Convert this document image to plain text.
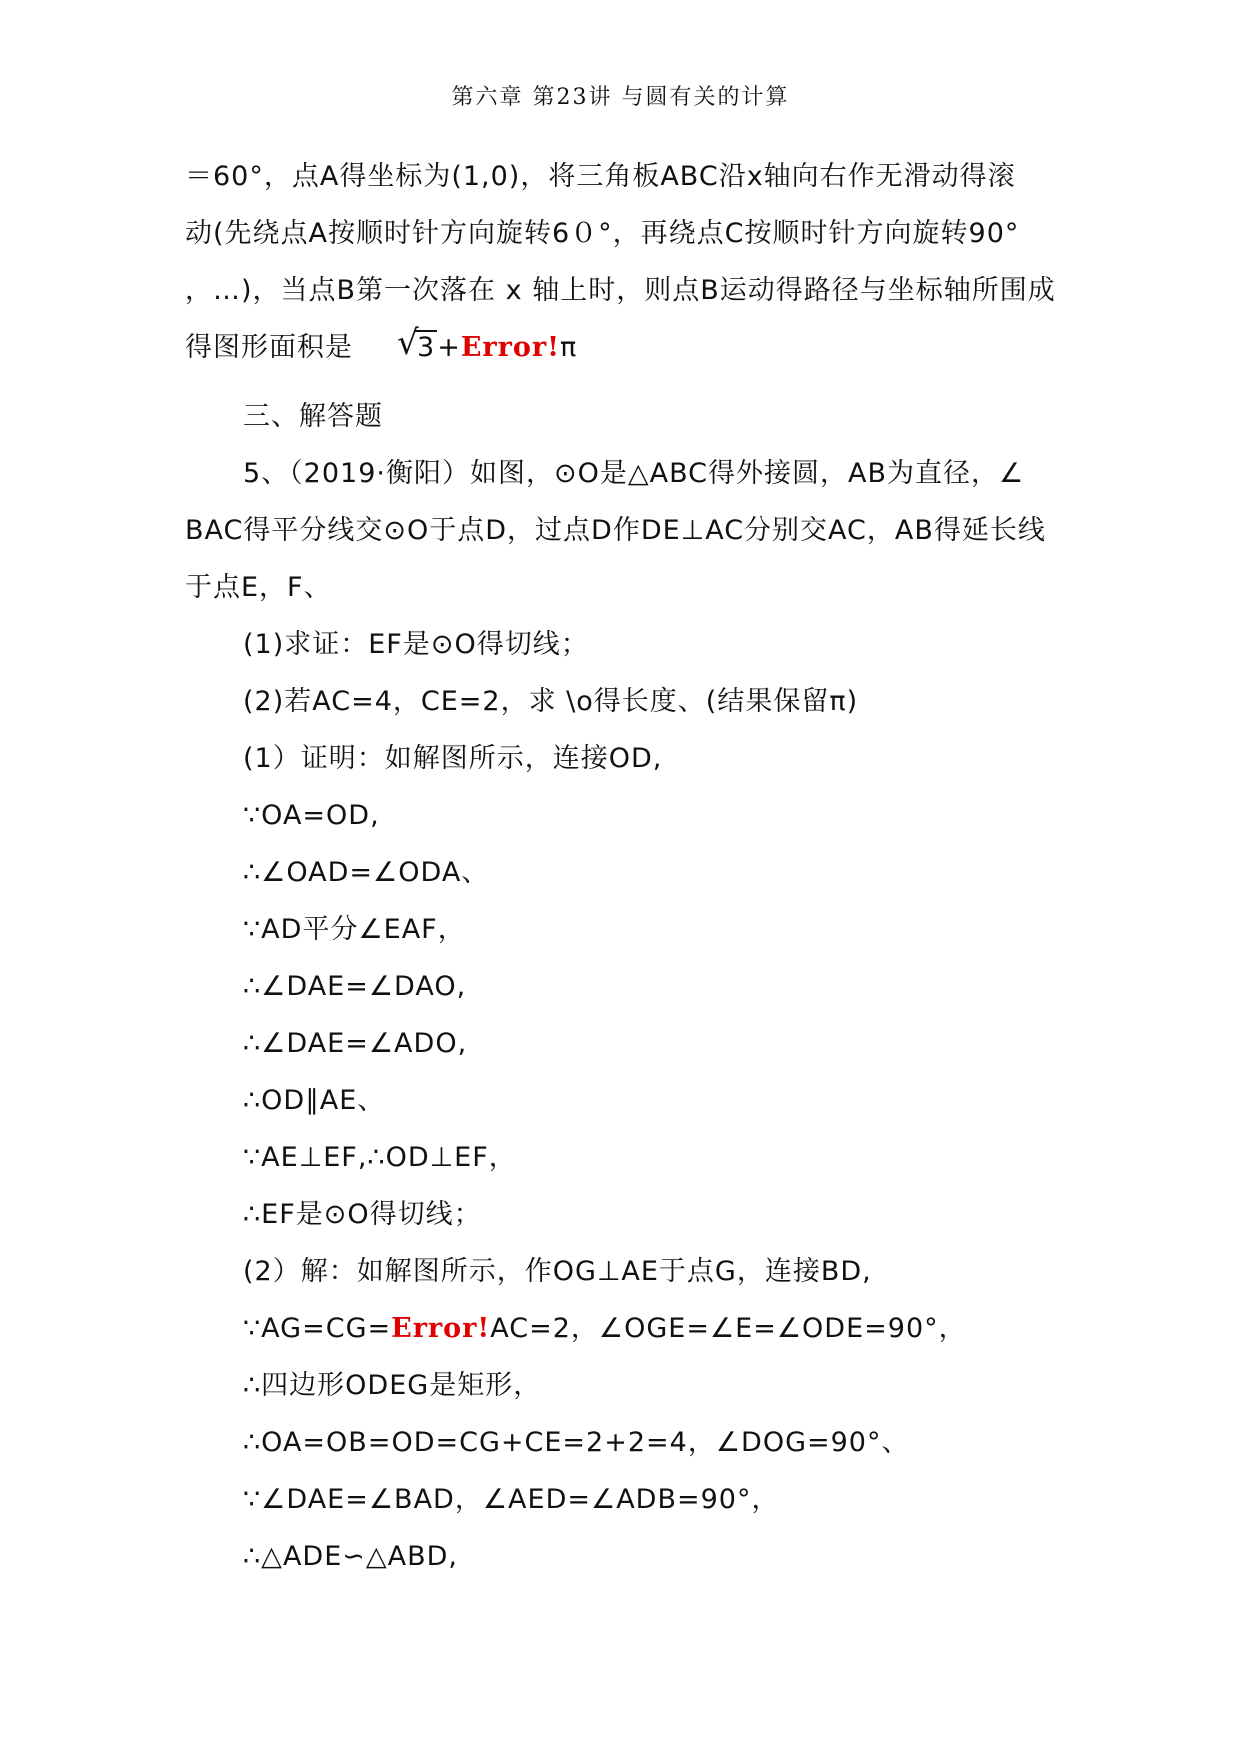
第六章 第23讲 与圆有关的计算
＝60°，点A得坐标为(1,0)，将三角板ABC沿x轴向右作无滑动得滚
动(先绕点A按顺时针方向旋转6０°，再绕点C按顺时针方向旋转90°
，…)，当点B第一次落在 x 轴上时，则点B运动得路径与坐标轴所围成
得图形面积是 √
3+Error!π
三、解答题
5、（2019·衡阳）如图，⊙O是△ABC得外接圆，AB为直径，∠
BAC得平分线交⊙O于点D，过点D作DE⊥AC分别交AC，AB得延长线
于点E，F、
(1)求证：EF是⊙O得切线；
(2)若AC=4，CE=2，求 \o得长度、(结果保留π)
(1）证明：如解图所示，连接OD,
∵OA=OD,
∴∠OAD=∠ODA、
∵AD平分∠EAF，
∴∠DAE=∠DAO,
∴∠DAE=∠ADO,
∴OD∥AE、
∵AE⊥EF,∴OD⊥EF，
∴EF是⊙O得切线；
(2）解：如解图所示，作OG⊥AE于点G，连接BD,
∵AG=CG=Error!AC=2，∠OGE=∠E=∠ODE=90°，
∴四边形ODEG是矩形，
∴OA=OB=OD=CG+CE=2+2=4，∠DOG=90°、
∵∠DAE=∠BAD，∠AED=∠ADB=90°，
∴△ADE∽△ABD,
